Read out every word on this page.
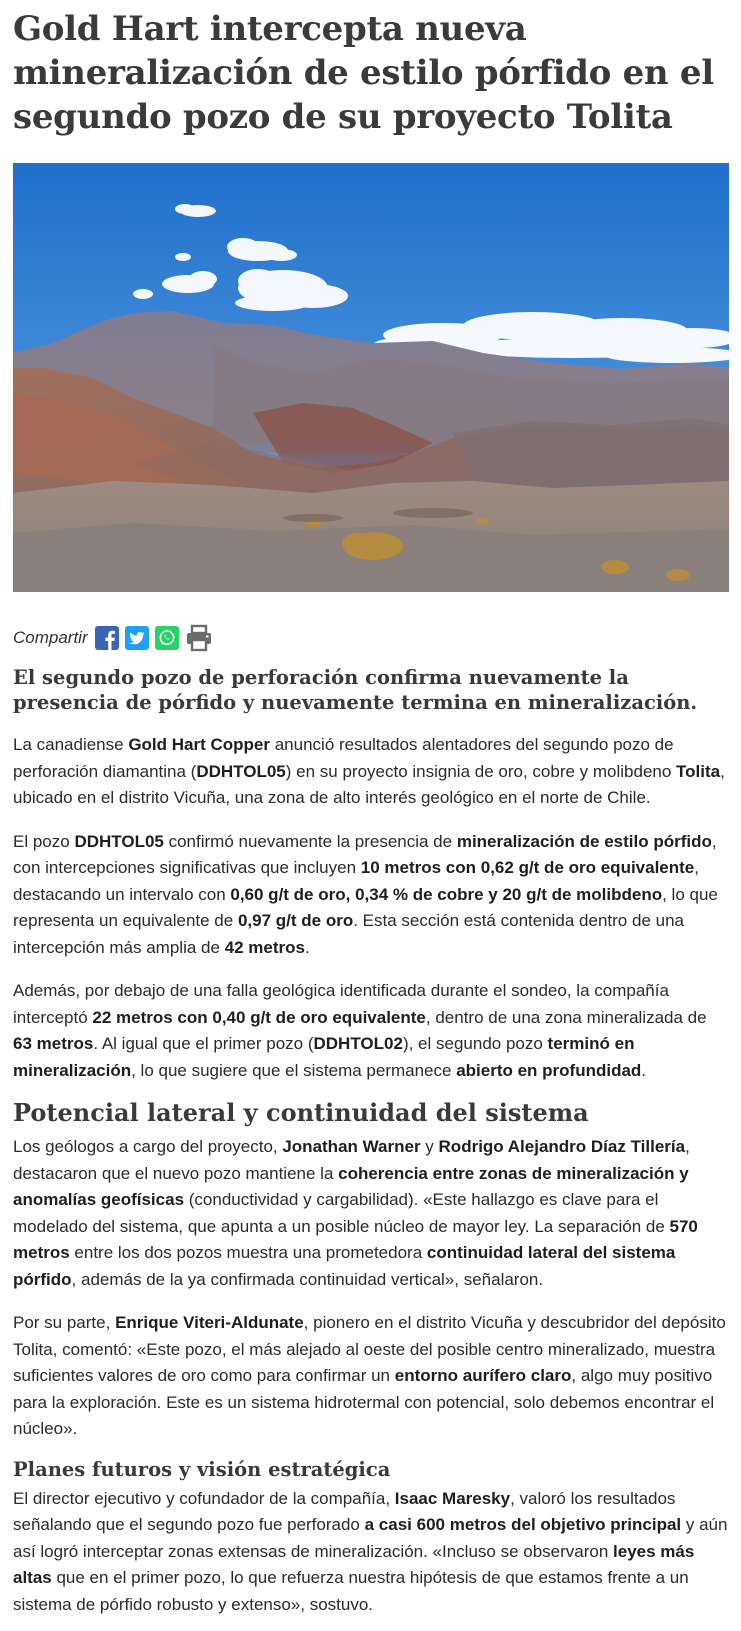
Gold Hart intercepta nueva mineralización de estilo pórfido en el segundo pozo de su proyecto Tolita
Compartir
El segundo pozo de perforación confirma nuevamente la presencia de pórfido y nuevamente termina en mineralización.

La canadiense Gold Hart Copper anunció resultados alentadores del segundo pozo de perforación diamantina (DDHTOL05) en su proyecto insignia de oro, cobre y molibdeno Tolita, ubicado en el distrito Vicuña, una zona de alto interés geológico en el norte de Chile.

El pozo DDHTOL05 confirmó nuevamente la presencia de mineralización de estilo pórfido, con intercepciones significativas que incluyen 10 metros con 0,62 g/t de oro equivalente, destacando un intervalo con 0,60 g/t de oro, 0,34 % de cobre y 20 g/t de molibdeno, lo que representa un equivalente de 0,97 g/t de oro. Esta sección está contenida dentro de una intercepción más amplia de 42 metros.

Además, por debajo de una falla geológica identificada durante el sondeo, la compañía interceptó 22 metros con 0,40 g/t de oro equivalente, dentro de una zona mineralizada de 63 metros. Al igual que el primer pozo (DDHTOL02), el segundo pozo terminó en mineralización, lo que sugiere que el sistema permanece abierto en profundidad.

Potencial lateral y continuidad del sistema

Los geólogos a cargo del proyecto, Jonathan Warner y Rodrigo Alejandro Díaz Tillería, destacaron que el nuevo pozo mantiene la coherencia entre zonas de mineralización y anomalías geofísicas (conductividad y cargabilidad). «Este hallazgo es clave para el modelado del sistema, que apunta a un posible núcleo de mayor ley. La separación de 570 metros entre los dos pozos muestra una prometedora continuidad lateral del sistema pórfido, además de la ya confirmada continuidad vertical», señalaron.

Por su parte, Enrique Viteri-Aldunate, pionero en el distrito Vicuña y descubridor del depósito Tolita, comentó: «Este pozo, el más alejado al oeste del posible centro mineralizado, muestra suficientes valores de oro como para confirmar un entorno aurífero claro, algo muy positivo para la exploración. Este es un sistema hidrotermal con potencial, solo debemos encontrar el núcleo».

Planes futuros y visión estratégica

El director ejecutivo y cofundador de la compañía, Isaac Maresky, valoró los resultados señalando que el segundo pozo fue perforado a casi 600 metros del objetivo principal y aún así logró interceptar zonas extensas de mineralización. «Incluso se observaron leyes más altas que en el primer pozo, lo que refuerza nuestra hipótesis de que estamos frente a un sistema de pórfido robusto y extenso», sostuvo.
